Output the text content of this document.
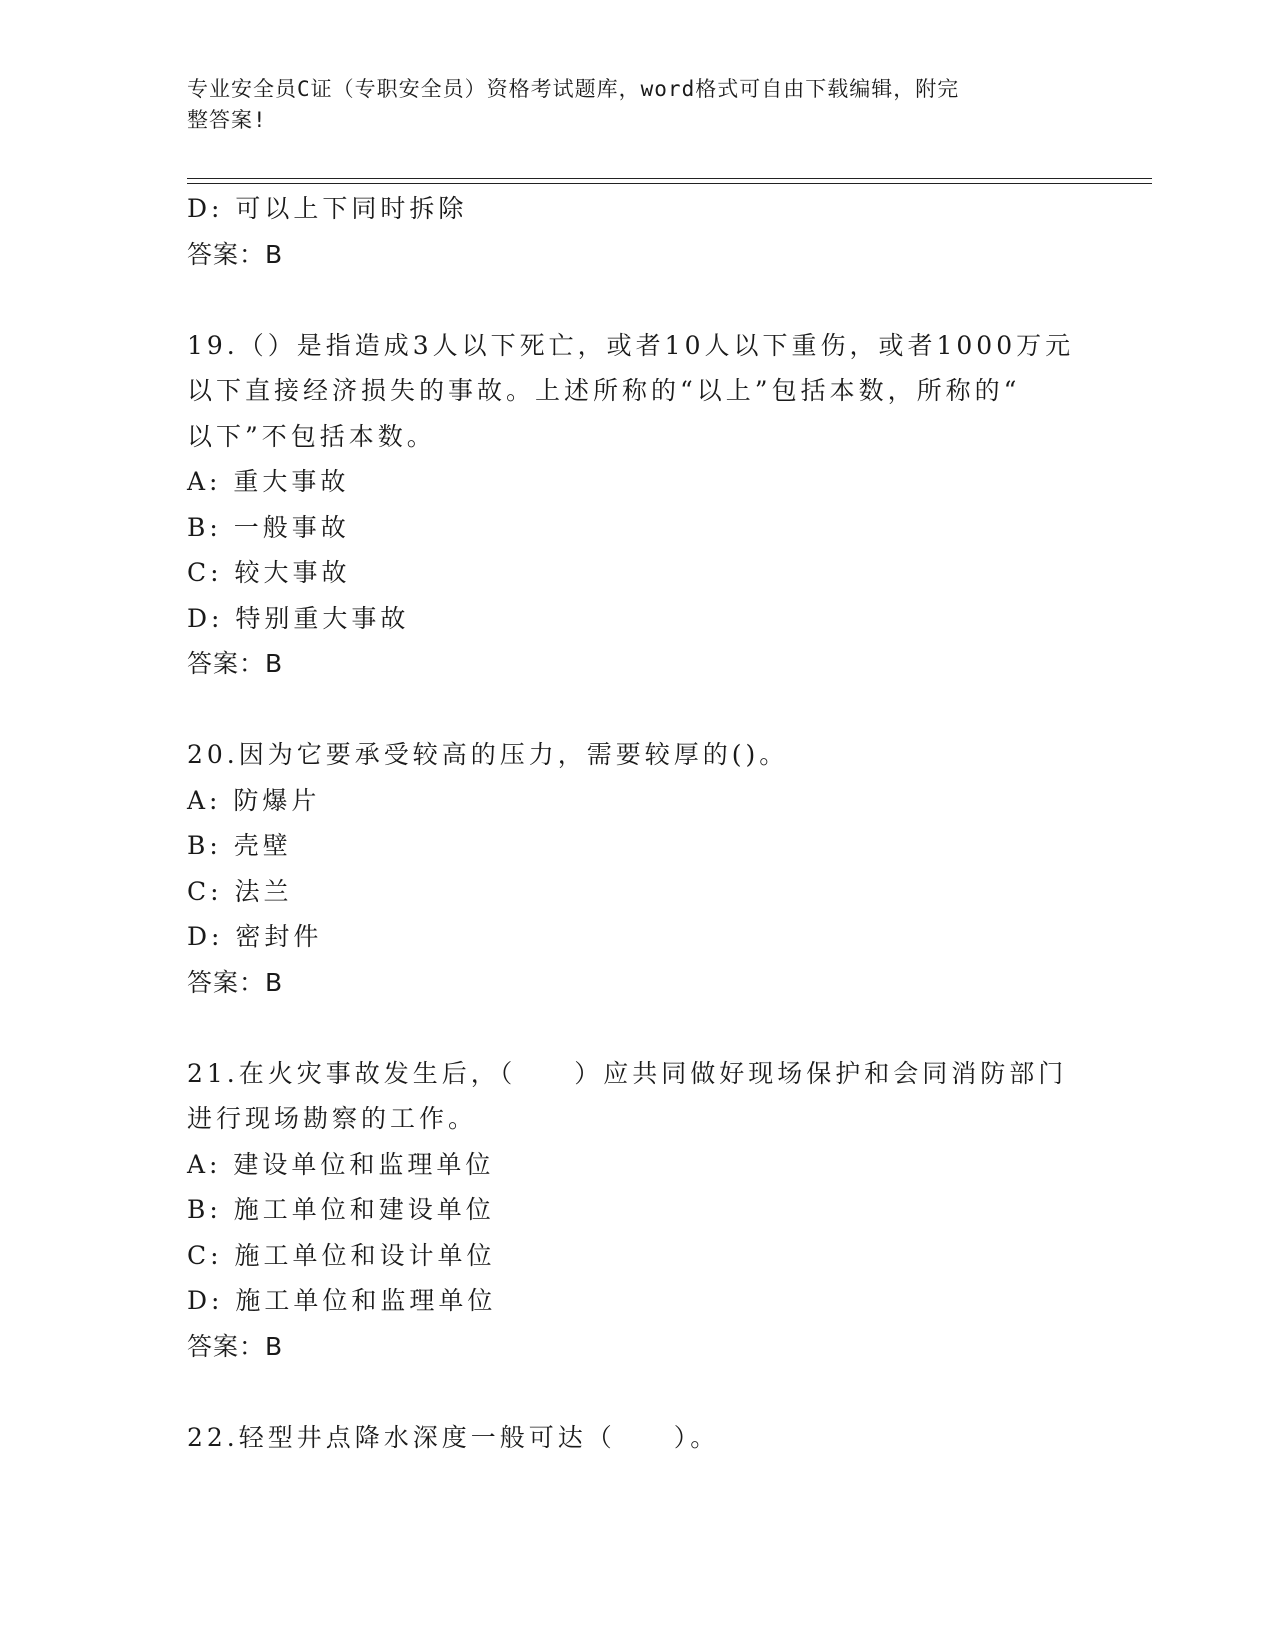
专业安全员C证（专职安全员）资格考试题库，word格式可自由下载编辑，附完
整答案!
D: 可以上下同时拆除
答案：B
19.（）是指造成3人以下死亡，或者10人以下重伤，或者1000万元
以下直接经济损失的事故。上述所称的“以上”包括本数，所称的“
以下”不包括本数。
A: 重大事故
B: 一般事故
C: 较大事故
D: 特别重大事故
答案：B
20.因为它要承受较高的压力，需要较厚的()。
A: 防爆片
B: 壳壁
C: 法兰
D: 密封件
答案：B
21.在火灾事故发生后，（　　）应共同做好现场保护和会同消防部门
进行现场勘察的工作。
A: 建设单位和监理单位
B: 施工单位和建设单位
C: 施工单位和设计单位
D: 施工单位和监理单位
答案：B
22.轻型井点降水深度一般可达（　　）。
